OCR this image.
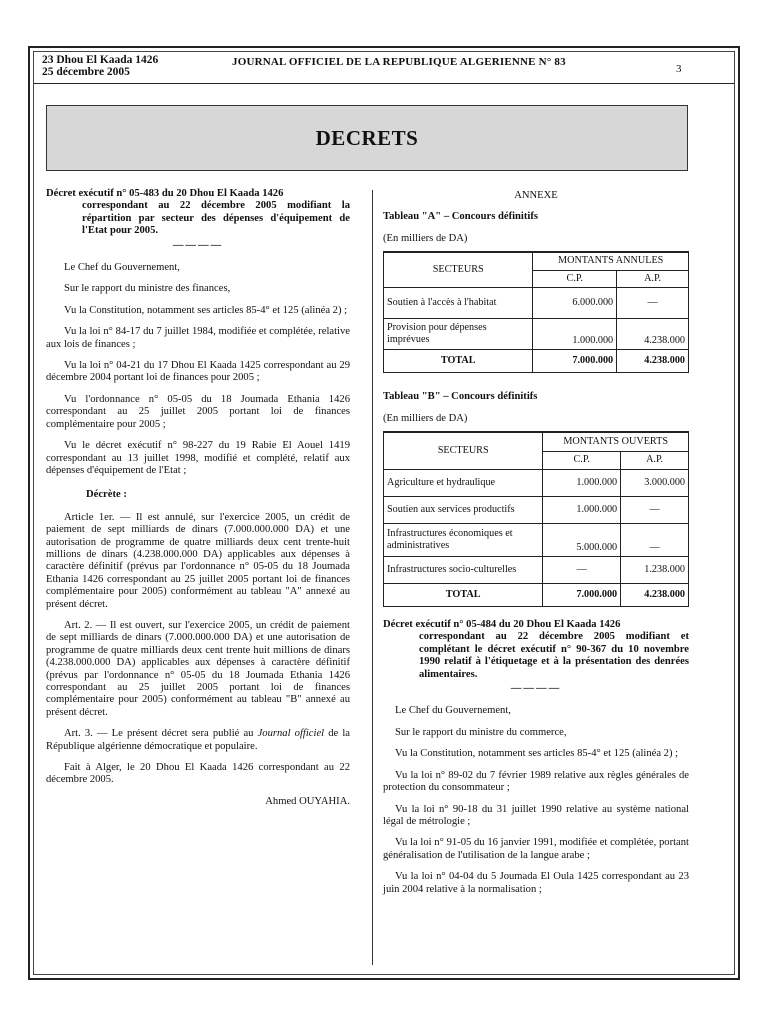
23 Dhou El Kaada 1426
25 décembre 2005
JOURNAL OFFICIEL DE LA REPUBLIQUE ALGERIENNE N° 83
3
DECRETS

Décret exécutif n° 05-483 du 20 Dhou El Kaada 1426
correspondant au 22 décembre 2005 modifiant la répartition par secteur des dépenses d'équipement de l'Etat pour 2005.

————

Le Chef du Gouvernement,

Sur le rapport du ministre des finances,

Vu la Constitution, notamment ses articles 85-4° et 125 (alinéa 2) ;

Vu la loi n° 84-17 du 7 juillet 1984, modifiée et complétée, relative aux lois de finances ;

Vu la loi n° 04-21 du 17 Dhou El Kaada 1425 correspondant au 29 décembre 2004 portant loi de finances pour 2005 ;

Vu l'ordonnance n° 05-05 du 18 Joumada Ethania 1426 correspondant au 25 juillet 2005 portant loi de finances complémentaire pour 2005 ;

Vu le décret exécutif n° 98-227 du 19 Rabie El Aouel 1419 correspondant au 13 juillet 1998, modifié et complété, relatif aux dépenses d'équipement de l'Etat ;

Décrète :

Article 1er. — Il est annulé, sur l'exercice 2005, un crédit de paiement de sept milliards de dinars (7.000.000.000 DA) et une autorisation de programme de quatre milliards deux cent trente-huit millions de dinars (4.238.000.000 DA) applicables aux dépenses à caractère définitif (prévus par l'ordonnance n° 05-05 du 18 Joumada Ethania 1426 correspondant au 25 juillet 2005 portant loi de finances complémentaire pour 2005) conformément au tableau "A" annexé au présent décret.

Art. 2. — Il est ouvert, sur l'exercice 2005, un crédit de paiement de sept milliards de dinars (7.000.000.000 DA) et une autorisation de programme de quatre milliards deux cent trente huit millions de dinars (4.238.000.000 DA) applicables aux dépenses à caractère définitif (prévus par l'ordonnance n° 05-05 du 18 Joumada Ethania 1426 correspondant au 25 juillet 2005 portant loi de finances complémentaire pour 2005) conformément au tableau "B" annexé au présent décret.

Art. 3. — Le présent décret sera publié au Journal officiel de la République algérienne démocratique et populaire.

Fait à Alger, le 20 Dhou El Kaada 1426 correspondant au 22 décembre 2005.

Ahmed OUYAHIA.

ANNEXE

Tableau "A" – Concours définitifs

(En milliers de DA)

SECTEURS	MONTANTS ANNULES	
	C.P.	A.P.
Soutien à l'accès à l'habitat	6.000.000	—
Provision pour dépenses imprévues	1.000.000	4.238.000
TOTAL	7.000.000	4.238.000

Tableau "B" – Concours définitifs

(En milliers de DA)

SECTEURS	MONTANTS OUVERTS	
	C.P.	A.P.
Agriculture et hydraulique	1.000.000	3.000.000
Soutien aux services productifs	1.000.000	—
Infrastructures économiques et administratives	5.000.000	—
Infrastructures socio-culturelles	—	1.238.000
TOTAL	7.000.000	4.238.000

Décret exécutif n° 05-484 du 20 Dhou El Kaada 1426
correspondant au 22 décembre 2005 modifiant et complétant le décret exécutif n° 90-367 du 10 novembre 1990 relatif à l'étiquetage et à la présentation des denrées alimentaires.

————

Le Chef du Gouvernement,

Sur le rapport du ministre du commerce,

Vu la Constitution, notamment ses articles 85-4° et 125 (alinéa 2) ;

Vu la loi n° 89-02 du 7 février 1989 relative aux règles générales de protection du consommateur ;

Vu la loi n° 90-18 du 31 juillet 1990 relative au système national légal de métrologie ;

Vu la loi n° 91-05 du 16 janvier 1991, modifiée et complétée, portant généralisation de l'utilisation de la langue arabe ;

Vu la loi n° 04-04 du 5 Joumada El Oula 1425 correspondant au 23 juin 2004 relative à la normalisation ;
